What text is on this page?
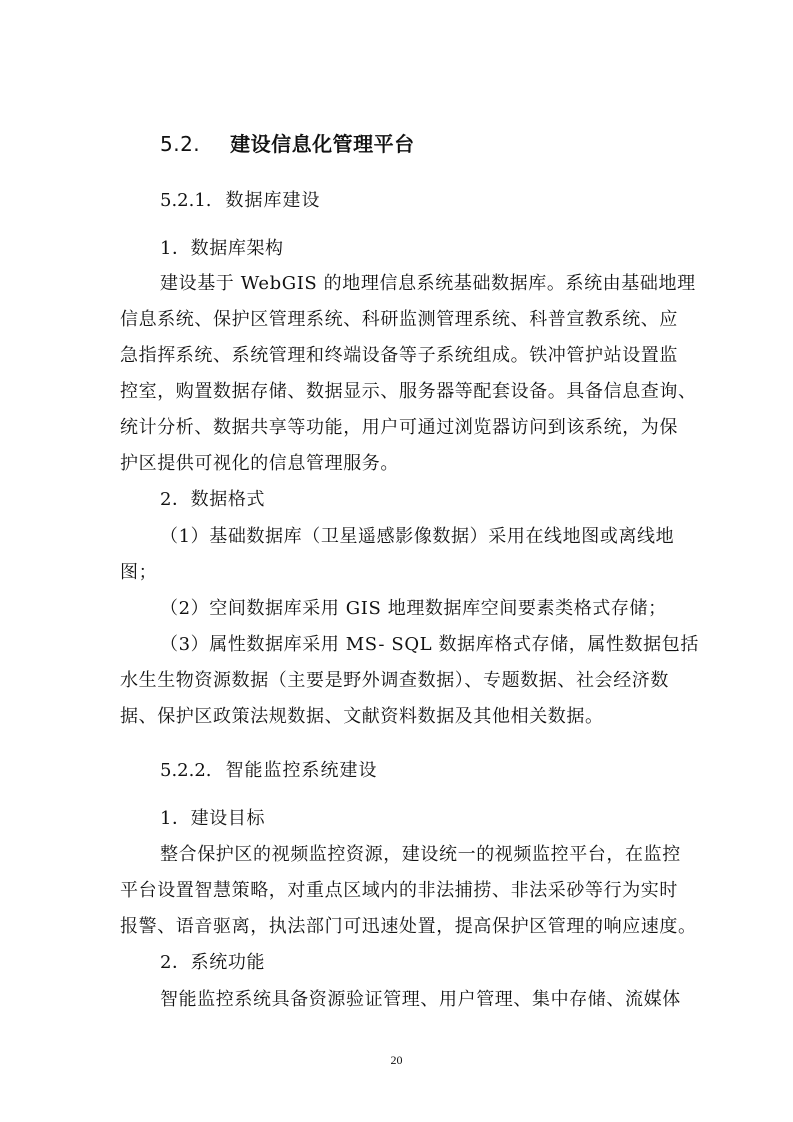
5.2. 建设信息化管理平台
5.2.1. 数据库建设
1．数据库架构
建设基于 WebGIS 的地理信息系统基础数据库。系统由基础地理
信息系统、保护区管理系统、科研监测管理系统、科普宣教系统、应
急指挥系统、系统管理和终端设备等子系统组成。铁冲管护站设置监
控室，购置数据存储、数据显示、服务器等配套设备。具备信息查询、
统计分析、数据共享等功能，用户可通过浏览器访问到该系统，为保
护区提供可视化的信息管理服务。
2．数据格式
（1）基础数据库（卫星遥感影像数据）采用在线地图或离线地
图；
（2）空间数据库采用 GIS 地理数据库空间要素类格式存储；
（3）属性数据库采用 MS- SQL 数据库格式存储，属性数据包括
水生生物资源数据（主要是野外调查数据）、专题数据、社会经济数
据、保护区政策法规数据、文献资料数据及其他相关数据。
5.2.2. 智能监控系统建设
1．建设目标
整合保护区的视频监控资源，建设统一的视频监控平台，在监控
平台设置智慧策略，对重点区域内的非法捕捞、非法采砂等行为实时
报警、语音驱离，执法部门可迅速处置，提高保护区管理的响应速度。
2．系统功能
智能监控系统具备资源验证管理、用户管理、集中存储、流媒体
20
